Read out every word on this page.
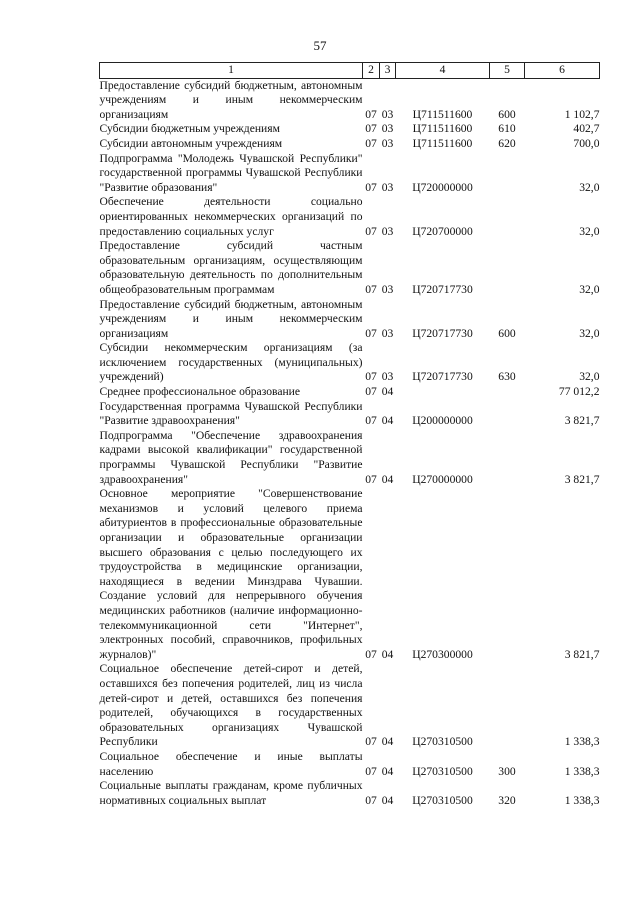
57
1	2	3	4	5	6
Предоставление субсидий бюджетным, автономным учреждениям и иным некоммерческим организациям	07	03	Ц711511600	600	1 102,7
Субсидии бюджетным учреждениям	07	03	Ц711511600	610	402,7
Субсидии автономным учреждениям	07	03	Ц711511600	620	700,0
Подпрограмма "Молодежь Чувашской Республики" государственной программы Чувашской Республики "Развитие образования"	07	03	Ц720000000		32,0
Обеспечение деятельности социально ориентированных некоммерческих организаций по предоставлению социальных услуг	07	03	Ц720700000		32,0
Предоставление субсидий частным образовательным организациям, осуществляющим образовательную деятельность по дополнительным общеобразовательным программам	07	03	Ц720717730		32,0
Предоставление субсидий бюджетным, автономным учреждениям и иным некоммерческим организациям	07	03	Ц720717730	600	32,0
Субсидии некоммерческим организациям (за исключением государственных (муниципальных) учреждений)	07	03	Ц720717730	630	32,0
Среднее профессиональное образование	07	04			77 012,2
Государственная программа Чувашской Республики "Развитие здравоохранения"	07	04	Ц200000000		3 821,7
Подпрограмма "Обеспечение здравоохранения кадрами высокой квалификации" государственной программы Чувашской Республики "Развитие здравоохранения"	07	04	Ц270000000		3 821,7
Основное мероприятие "Совершенствование механизмов и условий целевого приема абитуриентов в профессиональные образовательные организации и образовательные организации высшего образования с целью последующего их трудоустройства в медицинские организации, находящиеся в ведении Минздрава Чувашии. Создание условий для непрерывного обучения медицинских работников (наличие информационно-телекоммуникационной сети "Интернет", электронных пособий, справочников, профильных журналов)"	07	04	Ц270300000		3 821,7
Социальное обеспечение детей-сирот и детей, оставшихся без попечения родителей, лиц из числа детей-сирот и детей, оставшихся без попечения родителей, обучающихся в государственных образовательных организациях Чувашской Республики	07	04	Ц270310500		1 338,3
Социальное обеспечение и иные выплаты населению	07	04	Ц270310500	300	1 338,3
Социальные выплаты гражданам, кроме публичных нормативных социальных выплат	07	04	Ц270310500	320	1 338,3
